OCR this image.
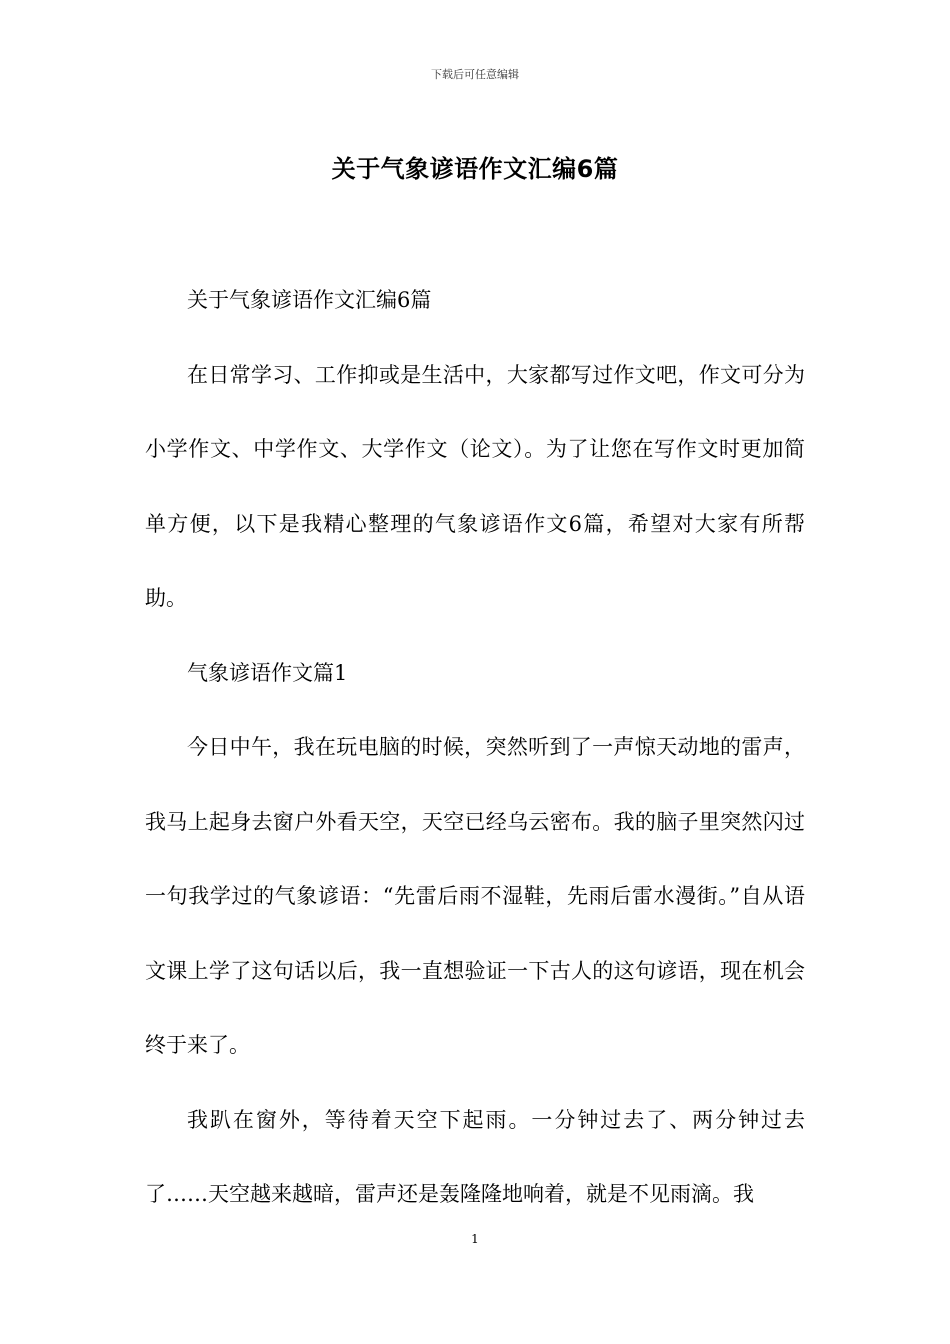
下载后可任意编辑
关于气象谚语作文汇编6篇

关于气象谚语作文汇编6篇

在日常学习、工作抑或是生活中，大家都写过作文吧，作文可分为小学作文、中学作文、大学作文（论文）。为了让您在写作文时更加简单方便，以下是我精心整理的气象谚语作文6篇，希望对大家有所帮助。

气象谚语作文篇1

今日中午，我在玩电脑的时候，突然听到了一声惊天动地的雷声，我马上起身去窗户外看天空，天空已经乌云密布。我的脑子里突然闪过一句我学过的气象谚语：“先雷后雨不湿鞋，先雨后雷水漫街。”自从语文课上学了这句话以后，我一直想验证一下古人的这句谚语，现在机会终于来了。

我趴在窗外，等待着天空下起雨。一分钟过去了、两分钟过去了……天空越来越暗，雷声还是轰隆隆地响着，就是不见雨滴。我

1
